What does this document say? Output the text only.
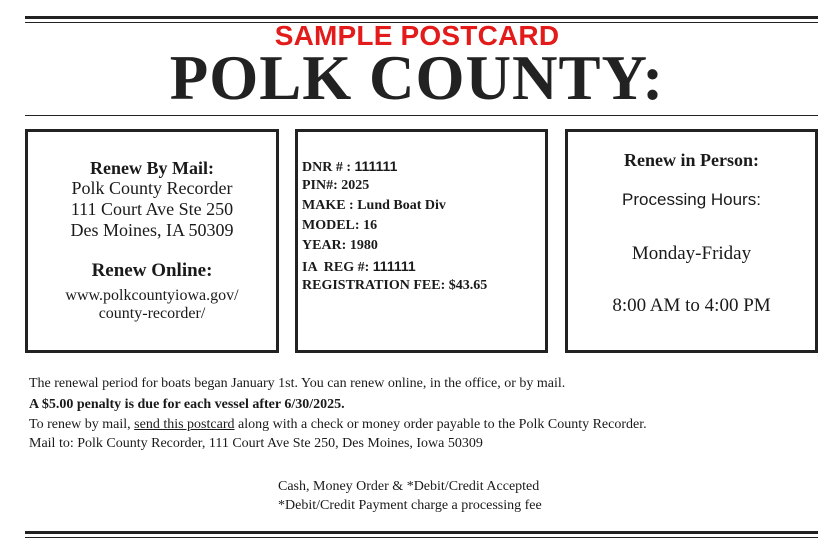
SAMPLE POSTCARD
POLK COUNTY:
Renew By Mail:
Polk County Recorder
111 Court Ave Ste 250
Des Moines, IA 50309
Renew Online:
www.polkcountyiowa.gov/
county-recorder/
DNR # : 111111
PIN#: 2025
MAKE : Lund Boat Div
MODEL: 16
YEAR: 1980
IA  REG #: 111111
REGISTRATION FEE: $43.65
Renew in Person:
Processing Hours:
Monday-Friday
8:00 AM to 4:00 PM
The renewal period for boats began January 1st. You can renew online, in the office, or by mail.
A $5.00 penalty is due for each vessel after 6/30/2025.
To renew by mail, send this postcard along with a check or money order payable to the Polk County Recorder.
Mail to: Polk County Recorder, 111 Court Ave Ste 250, Des Moines, Iowa 50309
Cash, Money Order & *Debit/Credit Accepted
*Debit/Credit Payment charge a processing fee
